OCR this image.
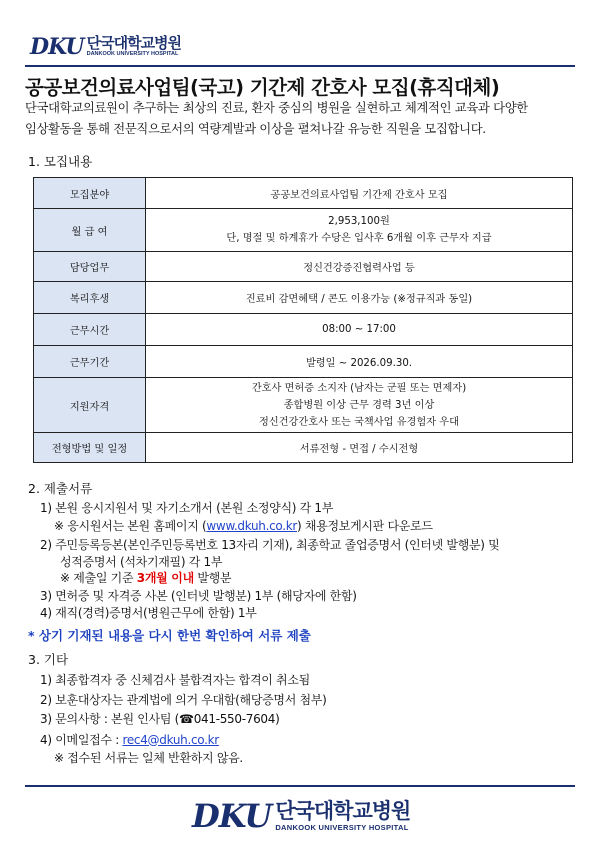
DKU 단국대학교병원
DANKOOK UNIVERSITY HOSPITAL
공공보건의료사업팀(국고) 기간제 간호사 모집(휴직대체)
단국대학교의료원이 추구하는 최상의 진료, 환자 중심의 병원을 실현하고 체계적인 교육과 다양한
임상활동을 통해 전문직으로서의 역량계발과 이상을 펼쳐나갈 유능한 직원을 모집합니다.
1. 모집내용
모집분야	공공보건의료사업팀 기간제 간호사 모집

월 급 여	2,953,100원
단, 명절 및 하계휴가 수당은 입사후 6개월 이후 근무자 지급

담당업무	정신건강증진협력사업 등

복리후생	진료비 감면혜택 / 콘도 이용가능 (※정규직과 동일)

근무시간	08:00 ~ 17:00

근무기간	발령일 ~ 2026.09.30.

지원자격	간호사 면허증 소지자 (남자는 군필 또는 면제자)
종합병원 이상 근무 경력 3년 이상
정신건강간호사 또는 국책사업 유경험자 우대

전형방법 및 일정	서류전형 - 면접 / 수시전형
2. 제출서류
1) 본원 응시지원서 및 자기소개서 (본원 소정양식) 각 1부
※ 응시원서는 본원 홈페이지 (www.dkuh.co.kr) 채용정보게시판 다운로드
2) 주민등록등본(본인주민등록번호 13자리 기재), 최종학교 졸업증명서 (인터넷 발행분) 및
성적증명서 (석차기재필) 각 1부
※ 제출일 기준 3개월 이내 발행분
3) 면허증 및 자격증 사본 (인터넷 발행분) 1부 (해당자에 한함)
4) 재직(경력)증명서(병원근무에 한함) 1부
* 상기 기재된 내용을 다시 한번 확인하여 서류 제출
3. 기타
1) 최종합격자 중 신체검사 불합격자는 합격이 취소됨
2) 보훈대상자는 관계법에 의거 우대함(해당증명서 첨부)
3) 문의사항 : 본원 인사팀 (☎041-550-7604)
4) 이메일접수 : rec4@dkuh.co.kr
※ 접수된 서류는 일체 반환하지 않음.
DKU 단국대학교병원
DANKOOK UNIVERSITY HOSPITAL
